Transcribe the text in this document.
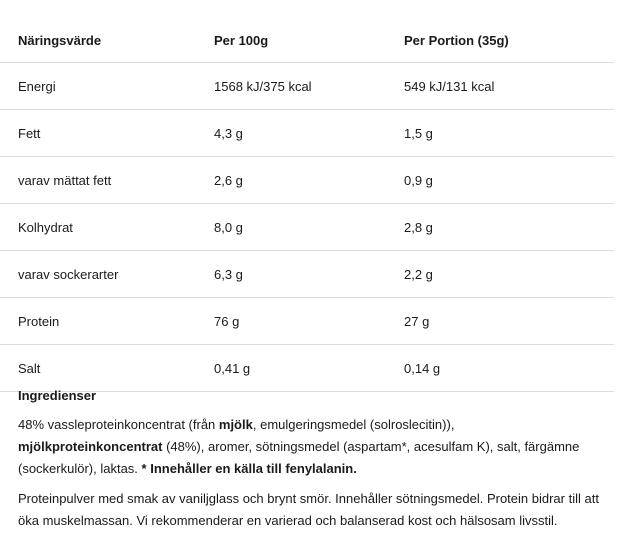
Näringsvärde	Per 100g	Per Portion (35g)
Energi	1568 kJ/375 kcal	549 kJ/131 kcal
Fett	4,3 g	1,5 g
varav mättat fett	2,6 g	0,9 g
Kolhydrat	8,0 g	2,8 g
varav sockerarter	6,3 g	2,2 g
Protein	76 g	27 g
Salt	0,41 g	0,14 g
Ingredienser

48% vassleproteinkoncentrat (från mjölk, emulgeringsmedel (solroslecitin)),
mjölkproteinkoncentrat (48%), aromer, sötningsmedel (aspartam*, acesulfam K), salt, färgämne (sockerkulör), laktas. * Innehåller en källa till fenylalanin.

Proteinpulver med smak av vaniljglass och brynt smör. Innehåller sötningsmedel. Protein bidrar till att öka muskelmassan. Vi rekommenderar en varierad och balanserad kost och hälsosam livsstil.
